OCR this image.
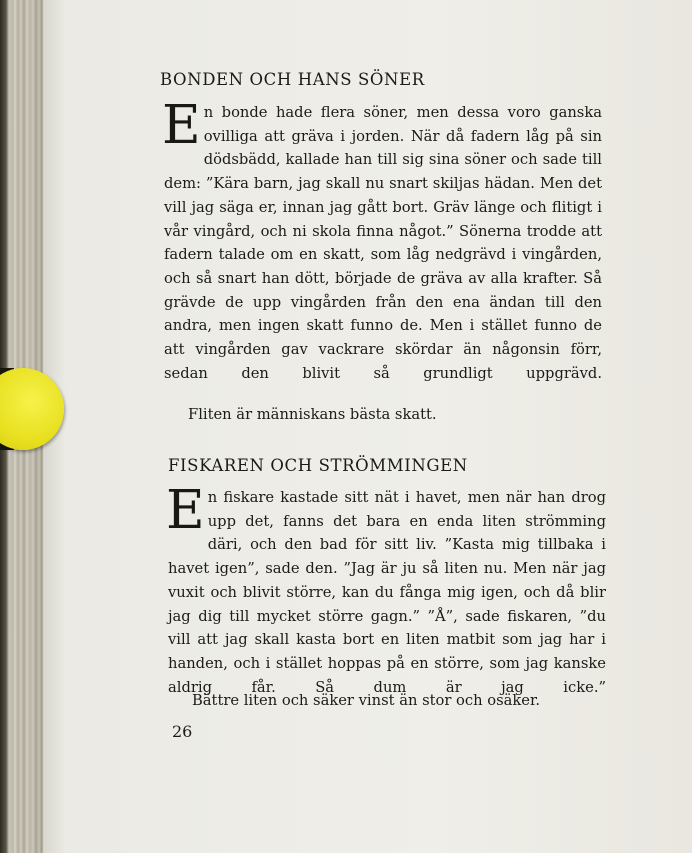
BONDEN OCH HANS SÖNER

En bonde hade flera söner, men dessa voro ganska ovilliga att gräva i jorden. När då fadern låg på sin dödsbädd, kallade han till sig sina söner och sade till dem: ”Kära barn, jag skall nu snart skiljas hädan. Men det vill jag säga er, innan jag gått bort. Gräv länge och flitigt i vår vingård, och ni skola finna något.” Sönerna trodde att fadern talade om en skatt, som låg nedgrävd i vingården, och så snart han dött, började de gräva av alla krafter. Så grävde de upp vingården från den ena ändan till den andra, men ingen skatt funno de. Men i stället funno de att vingården gav vackrare skördar än någonsin förr, sedan den blivit så grundligt uppgrävd.

Fliten är människans bästa skatt.
FISKAREN OCH STRÖMMINGEN

En fiskare kastade sitt nät i havet, men när han drog upp det, fanns det bara en enda liten strömming däri, och den bad för sitt liv. ”Kasta mig tillbaka i havet igen”, sade den. ”Jag är ju så liten nu. Men när jag vuxit och blivit större, kan du fånga mig igen, och då blir jag dig till mycket större gagn.” ”Å”, sade fiskaren, ”du vill att jag skall kasta bort en liten matbit som jag har i handen, och i stället hoppas på en större, som jag kanske aldrig får. Så dum är jag icke.”

Bättre liten och säker vinst än stor och osäker.
26
